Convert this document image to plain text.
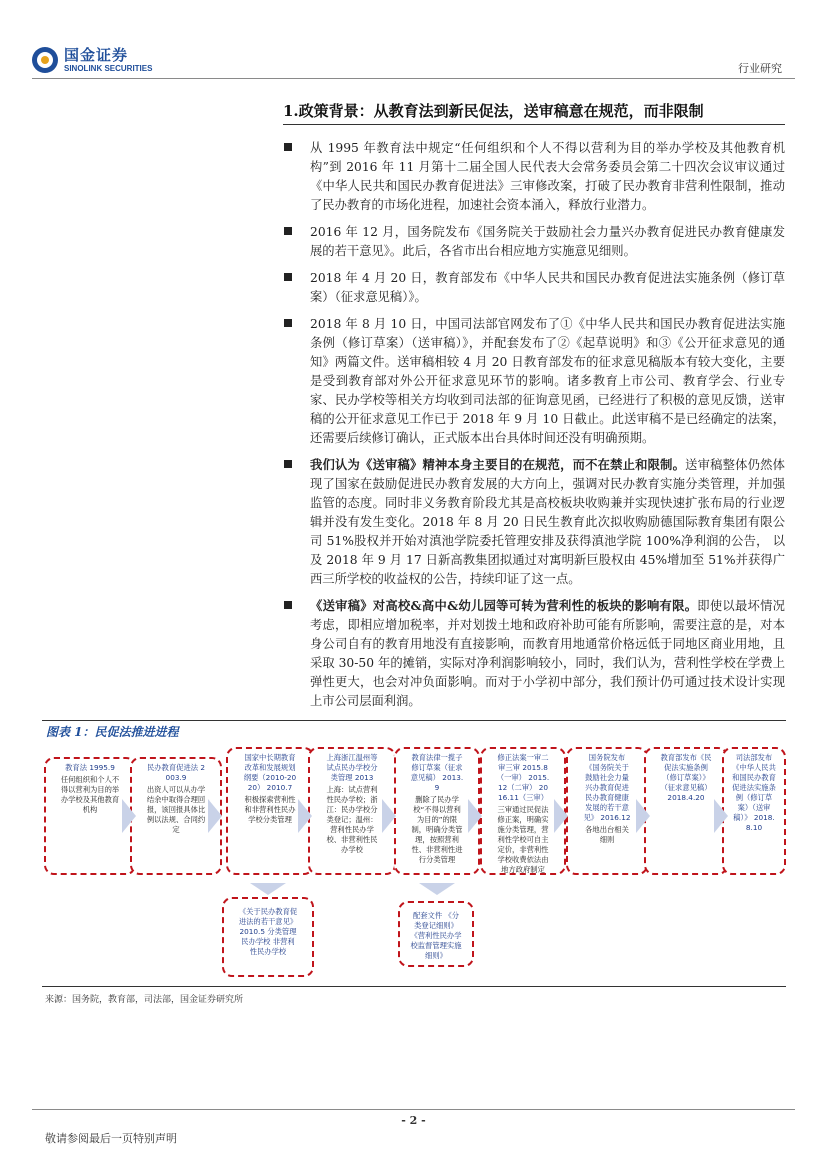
国金证券
SINOLINK SECURITIES	行业研究
1.政策背景：从教育法到新民促法，送审稿意在规范，而非限制
从 1995 年教育法中规定“任何组织和个人不得以营利为目的举办学校及其他教育机构”到 2016 年 11 月第十二届全国人民代表大会常务委员会第二十四次会议审议通过《中华人民共和国民办教育促进法》三审修改案，打破了民办教育非营利性限制，推动了民办教育的市场化进程，加速社会资本涌入，释放行业潜力。
2016 年 12 月，国务院发布《国务院关于鼓励社会力量兴办教育促进民办教育健康发展的若干意见》。此后，各省市出台相应地方实施意见细则。
2018 年 4 月 20 日，教育部发布《中华人民共和国民办教育促进法实施条例（修订草案）（征求意见稿）》。
2018 年 8 月 10 日，中国司法部官网发布了①《中华人民共和国民办教育促进法实施条例（修订草案）（送审稿）》，并配套发布了②《起草说明》和③《公开征求意见的通知》两篇文件。送审稿相较 4 月 20 日教育部发布的征求意见稿版本有较大变化，主要是受到教育部对外公开征求意见环节的影响。诸多教育上市公司、教育学会、行业专家、民办学校等相关方均收到司法部的征询意见函，已经进行了积极的意见反馈，送审稿的公开征求意见工作已于 2018 年 9 月 10 日截止。此送审稿不是已经确定的法案，还需要后续修订确认，正式版本出台具体时间还没有明确预期。
我们认为《送审稿》精神本身主要目的在规范，而不在禁止和限制。送审稿整体仍然体现了国家在鼓励促进民办教育发展的大方向上，强调对民办教育实施分类管理，并加强监管的态度。同时非义务教育阶段尤其是高校板块收购兼并实现快速扩张布局的行业逻辑并没有发生变化。2018 年 8 月 20 日民生教育此次拟收购励德国际教育集团有限公司 51%股权并开始对滇池学院委托管理安排及获得滇池学院 100%净利润的公告， 以及 2018 年 9 月 17 日新高教集团拟通过对寓明新巨股权由 45%增加至 51%并获得广西三所学校的收益权的公告，持续印证了这一点。
《送审稿》对高校&高中&幼儿园等可转为营利性的板块的影响有限。即使以最坏情况考虑，即相应增加税率，并对划拨土地和政府补助可能有所影响，需要注意的是，对本身公司自有的教育用地没有直接影响，而教育用地通常价格远低于同地区商业用地，且采取 30-50 年的摊销，实际对净利润影响较小，同时，我们认为，营利性学校在学费上弹性更大，也会对冲负面影响。而对于小学初中部分，我们预计仍可通过技术设计实现上市公司层面利润。
图表 1：民促法推进进程
教育法 1995.9
任何组织和个人不得以营利为目的举办学校及其他教育机构
民办教育促进法 2003.9
出资人可以从办学结余中取得合理回报，该回报具体比例以法规、合同约定
国家中长期教育改革和发展规划纲要（2010-2020） 2010.7
积极探索营利性和非营利性民办学校分类管理
上海浙江温州等试点民办学校分类管理 2013
上海：试点营利性民办学校；浙江：民办学校分类登记；温州：营利性民办学校、非营利性民办学校
教育法律一揽子修订草案（征求意见稿） 2013.9
删除了民办学校“不得以营利为目的”的限制，明确分类管理，按照营利性、非营利性进行分类管理
修正法案一审二审三审 2015.8（一审） 2015.12（二审） 2016.11（三审）
三审通过民促法修正案，明确实施分类管理，营利性学校可自主定价，非营利性学校收费依法由地方政府制定
国务院发布《国务院关于鼓励社会力量兴办教育促进民办教育健康发展的若干意见》 2016.12
各地出台相关细则
教育部发布《民促法实施条例（修订草案）》（征求意见稿） 2018.4.20
司法部发布《中华人民共和国民办教育促进法实施条例（修订草案）（送审稿）》 2018.8.10
《关于民办教育促进法的若干意见》 2010.5 分类管理 民办学校 非营利性民办学校
配套文件 《分类登记细则》 《营利性民办学校监督管理实施细则》
来源：国务院，教育部，司法部，国金证券研究所
- 2 -
敬请参阅最后一页特别声明
